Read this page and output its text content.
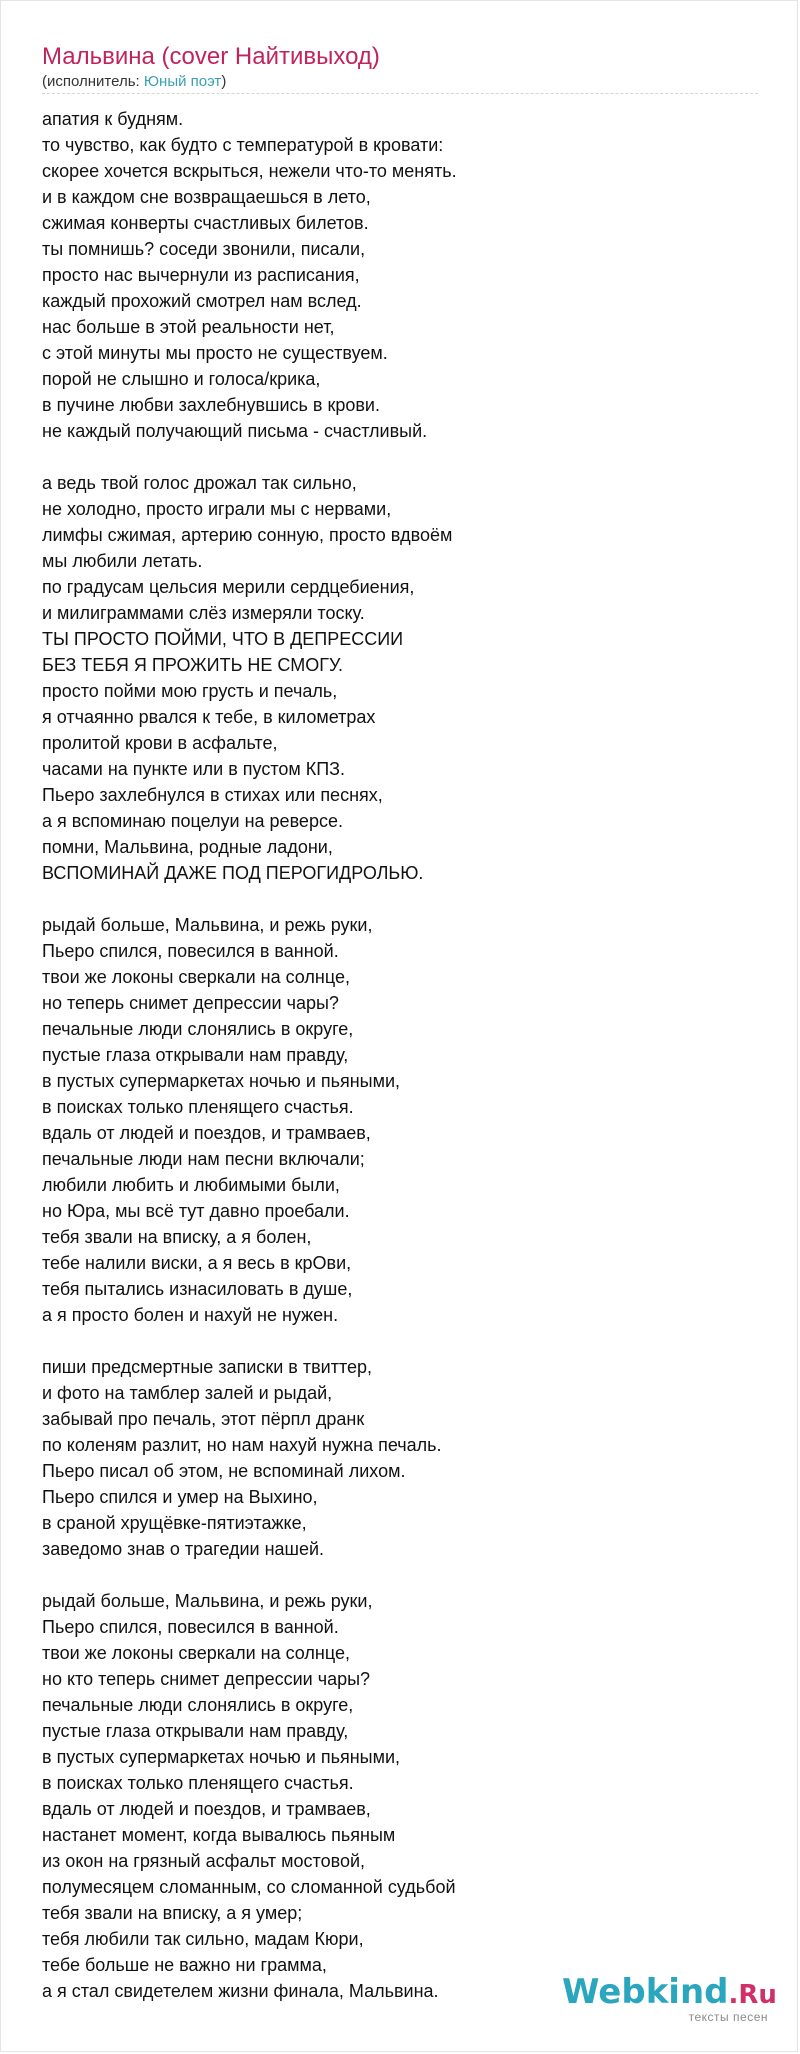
Мальвина (cover Найтивыход)
(исполнитель: Юный поэт)
апатия к будням.
то чувство, как будто с температурой в кровати:
скорее хочется вскрыться, нежели что-то менять.
и в каждом сне возвращаешься в лето,
сжимая конверты счастливых билетов.
ты помнишь? соседи звонили, писали,
просто нас вычернули из расписания,
каждый прохожий смотрел нам вслед.
нас больше в этой реальности нет,
с этой минуты мы просто не существуем.
порой не слышно и голоса/крика,
в пучине любви захлебнувшись в крови.
не каждый получающий письма - счастливый.
а ведь твой голос дрожал так сильно,
не холодно, просто играли мы с нервами,
лимфы сжимая, артерию сонную, просто вдвоём
мы любили летать.
по градусам цельсия мерили сердцебиения,
и милиграммами слёз измеряли тоску.
ТЫ ПРОСТО ПОЙМИ, ЧТО В ДЕПРЕССИИ
БЕЗ ТЕБЯ Я ПРОЖИТЬ НЕ СМОГУ.
просто пойми мою грусть и печаль,
я отчаянно рвался к тебе, в километрах
пролитой крови в асфальте,
часами на пункте или в пустом КПЗ.
Пьеро захлебнулся в стихах или песнях,
а я вспоминаю поцелуи на реверсе.
помни, Мальвина, родные ладони,
ВСПОМИНАЙ ДАЖЕ ПОД ПЕРОГИДРОЛЬЮ.
рыдай больше, Мальвина, и режь руки,
Пьеро спился, повесился в ванной.
твои же локоны сверкали на солнце,
но теперь снимет депрессии чары?
печальные люди слонялись в округе,
пустые глаза открывали нам правду,
в пустых супермаркетах ночью и пьяными,
в поисках только пленящего счастья.
вдаль от людей и поездов, и трамваев,
печальные люди нам песни включали;
любили любить и любимыми были,
но Юра, мы всё тут давно проебали.
тебя звали на вписку, а я болен,
тебе налили виски, а я весь в крОви,
тебя пытались изнасиловать в душе,
а я просто болен и нахуй не нужен.
пиши предсмертные записки в твиттер,
и фото на тамблер залей и рыдай,
забывай про печаль, этот пёрпл дранк
по коленям разлит, но нам нахуй нужна печаль.
Пьеро писал об этом, не вспоминай лихом.
Пьеро спился и умер на Выхино,
в сраной хрущёвке-пятиэтажке,
заведомо знав о трагедии нашей.
рыдай больше, Мальвина, и режь руки,
Пьеро спился, повесился в ванной.
твои же локоны сверкали на солнце,
но кто теперь снимет депрессии чары?
печальные люди слонялись в округе,
пустые глаза открывали нам правду,
в пустых супермаркетах ночью и пьяными,
в поисках только пленящего счастья.
вдаль от людей и поездов, и трамваев,
настанет момент, когда вывалюсь пьяным
из окон на грязный асфальт мостовой,
полумесяцем сломанным, со сломанной судьбой
тебя звали на вписку, а я умер;
тебя любили так сильно, мадам Кюри,
тебе больше не важно ни грамма,
а я стал свидетелем жизни финала, Мальвина.	Webkind.Ru
тексты песен
